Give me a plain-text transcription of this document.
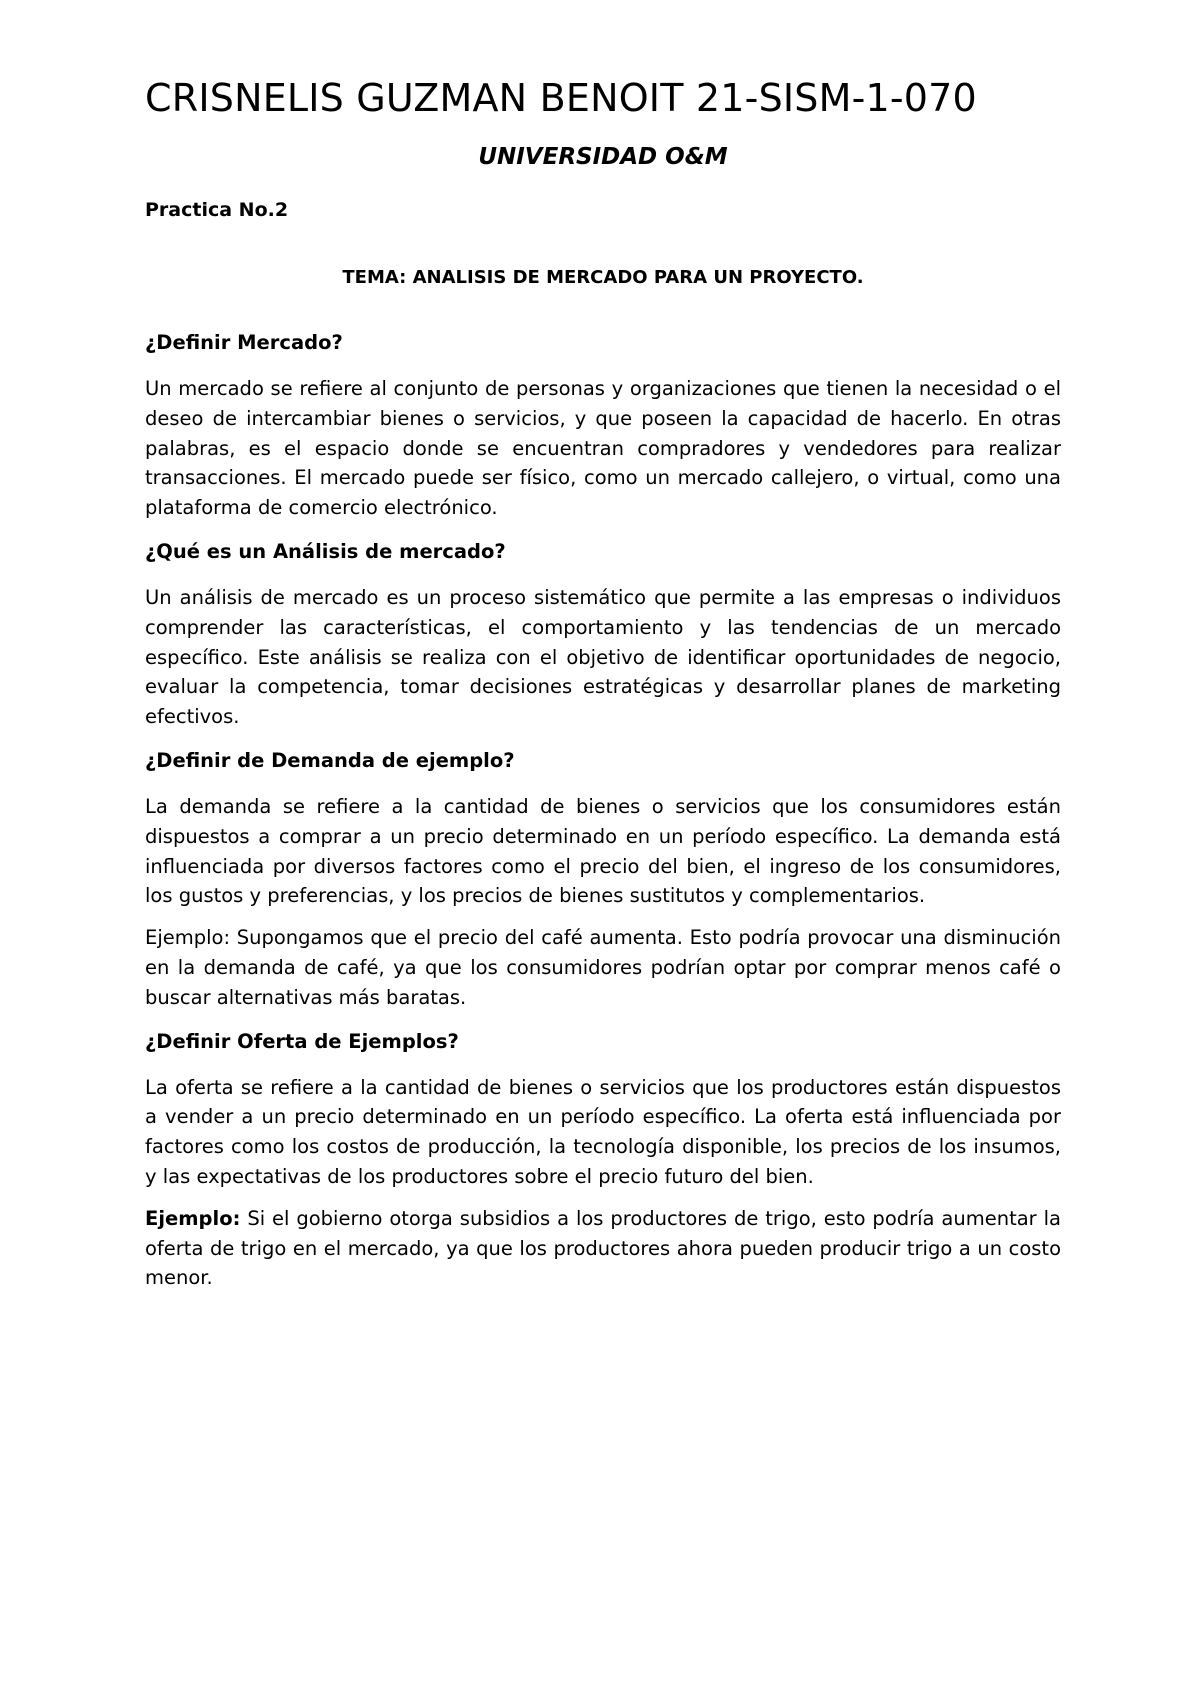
CRISNELIS GUZMAN BENOIT 21-SISM-1-070
UNIVERSIDAD O&M
Practica No.2
TEMA: ANALISIS DE MERCADO PARA UN PROYECTO.
¿Definir Mercado?

Un mercado se refiere al conjunto de personas y organizaciones que tienen la necesidad o el deseo de intercambiar bienes o servicios, y que poseen la capacidad de hacerlo. En otras palabras, es el espacio donde se encuentran compradores y vendedores para realizar transacciones. El mercado puede ser físico, como un mercado callejero, o virtual, como una plataforma de comercio electrónico.

¿Qué es un Análisis de mercado?

Un análisis de mercado es un proceso sistemático que permite a las empresas o individuos comprender las características, el comportamiento y las tendencias de un mercado específico. Este análisis se realiza con el objetivo de identificar oportunidades de negocio, evaluar la competencia, tomar decisiones estratégicas y desarrollar planes de marketing efectivos.

¿Definir de Demanda de ejemplo?

La demanda se refiere a la cantidad de bienes o servicios que los consumidores están dispuestos a comprar a un precio determinado en un período específico. La demanda está influenciada por diversos factores como el precio del bien, el ingreso de los consumidores, los gustos y preferencias, y los precios de bienes sustitutos y complementarios.

Ejemplo: Supongamos que el precio del café aumenta. Esto podría provocar una disminución en la demanda de café, ya que los consumidores podrían optar por comprar menos café o buscar alternativas más baratas.

¿Definir Oferta de Ejemplos?

La oferta se refiere a la cantidad de bienes o servicios que los productores están dispuestos a vender a un precio determinado en un período específico. La oferta está influenciada por factores como los costos de producción, la tecnología disponible, los precios de los insumos, y las expectativas de los productores sobre el precio futuro del bien.

Ejemplo: Si el gobierno otorga subsidios a los productores de trigo, esto podría aumentar la oferta de trigo en el mercado, ya que los productores ahora pueden producir trigo a un costo menor.
